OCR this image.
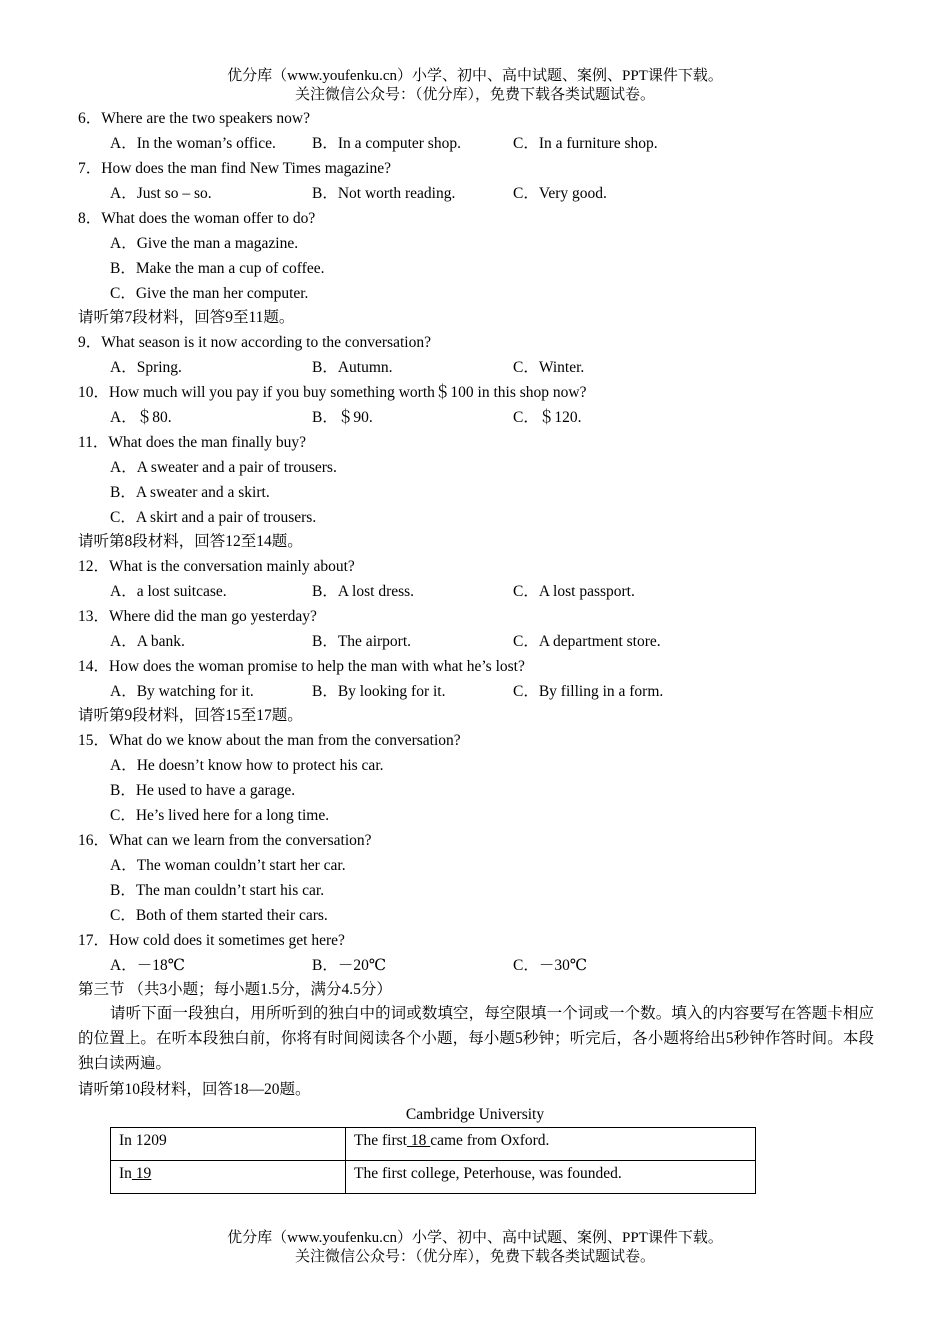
优分库（www.youfenku.cn）小学、初中、高中试题、案例、PPT课件下载。
关注微信公众号：（优分库），免费下载各类试题试卷。
6．Where are the two speakers now?
A．In the woman’s office. B．In a computer shop.	C．In a furniture shop.
7．How does the man find New Times magazine?
A．Just so – so.	B．Not worth reading.	C．Very good.
8．What does the woman offer to do?
A．Give the man a magazine.
B．Make the man a cup of coffee.
C．Give the man her computer.
请听第7段材料，回答9至11题。
9．What season is it now according to the conversation?
A．Spring.	B．Autumn.	C．Winter.
10．How much will you pay if you buy something worth＄100 in this shop now?
A．＄80.	B．＄90.	C．＄120.
11．What does the man finally buy?
A．A sweater and a pair of trousers.
B．A sweater and a skirt.
C．A skirt and a pair of trousers.
请听第8段材料，回答12至14题。
12．What is the conversation mainly about?
A．a lost suitcase.	B．A lost dress.	C．A lost passport.
13．Where did the man go yesterday?
A．A bank.	B．The airport.	C．A department store.
14．How does the woman promise to help the man with what he’s lost?
A．By watching for it.	B．By looking for it.	C．By filling in a form.
请听第9段材料，回答15至17题。
15．What do we know about the man from the conversation?
A．He doesn’t know how to protect his car.
B．He used to have a garage.
C．He’s lived here for a long time.
16．What can we learn from the conversation?
A．The woman couldn’t start her car.
B．The man couldn’t start his car.
C．Both of them started their cars.
17．How cold does it sometimes get here?
A．－18℃	B．－20℃	C．－30℃
第三节 （共3小题；每小题1.5分，满分4.5分）
请听下面一段独白，用所听到的独白中的词或数填空，每空限填一个词或一个数。填入的内容要写在答题卡相应的位置上。在听本段独白前，你将有时间阅读各个小题，每小题5秒钟；听完后，各小题将给出5秒钟作答时间。本段独白读两遍。
请听第10段材料，回答18—20题。
Cambridge University
In 1209	The first 18 came from Oxford.
In 19	The first college, Peterhouse, was founded.
优分库（www.youfenku.cn）小学、初中、高中试题、案例、PPT课件下载。
关注微信公众号：（优分库），免费下载各类试题试卷。
